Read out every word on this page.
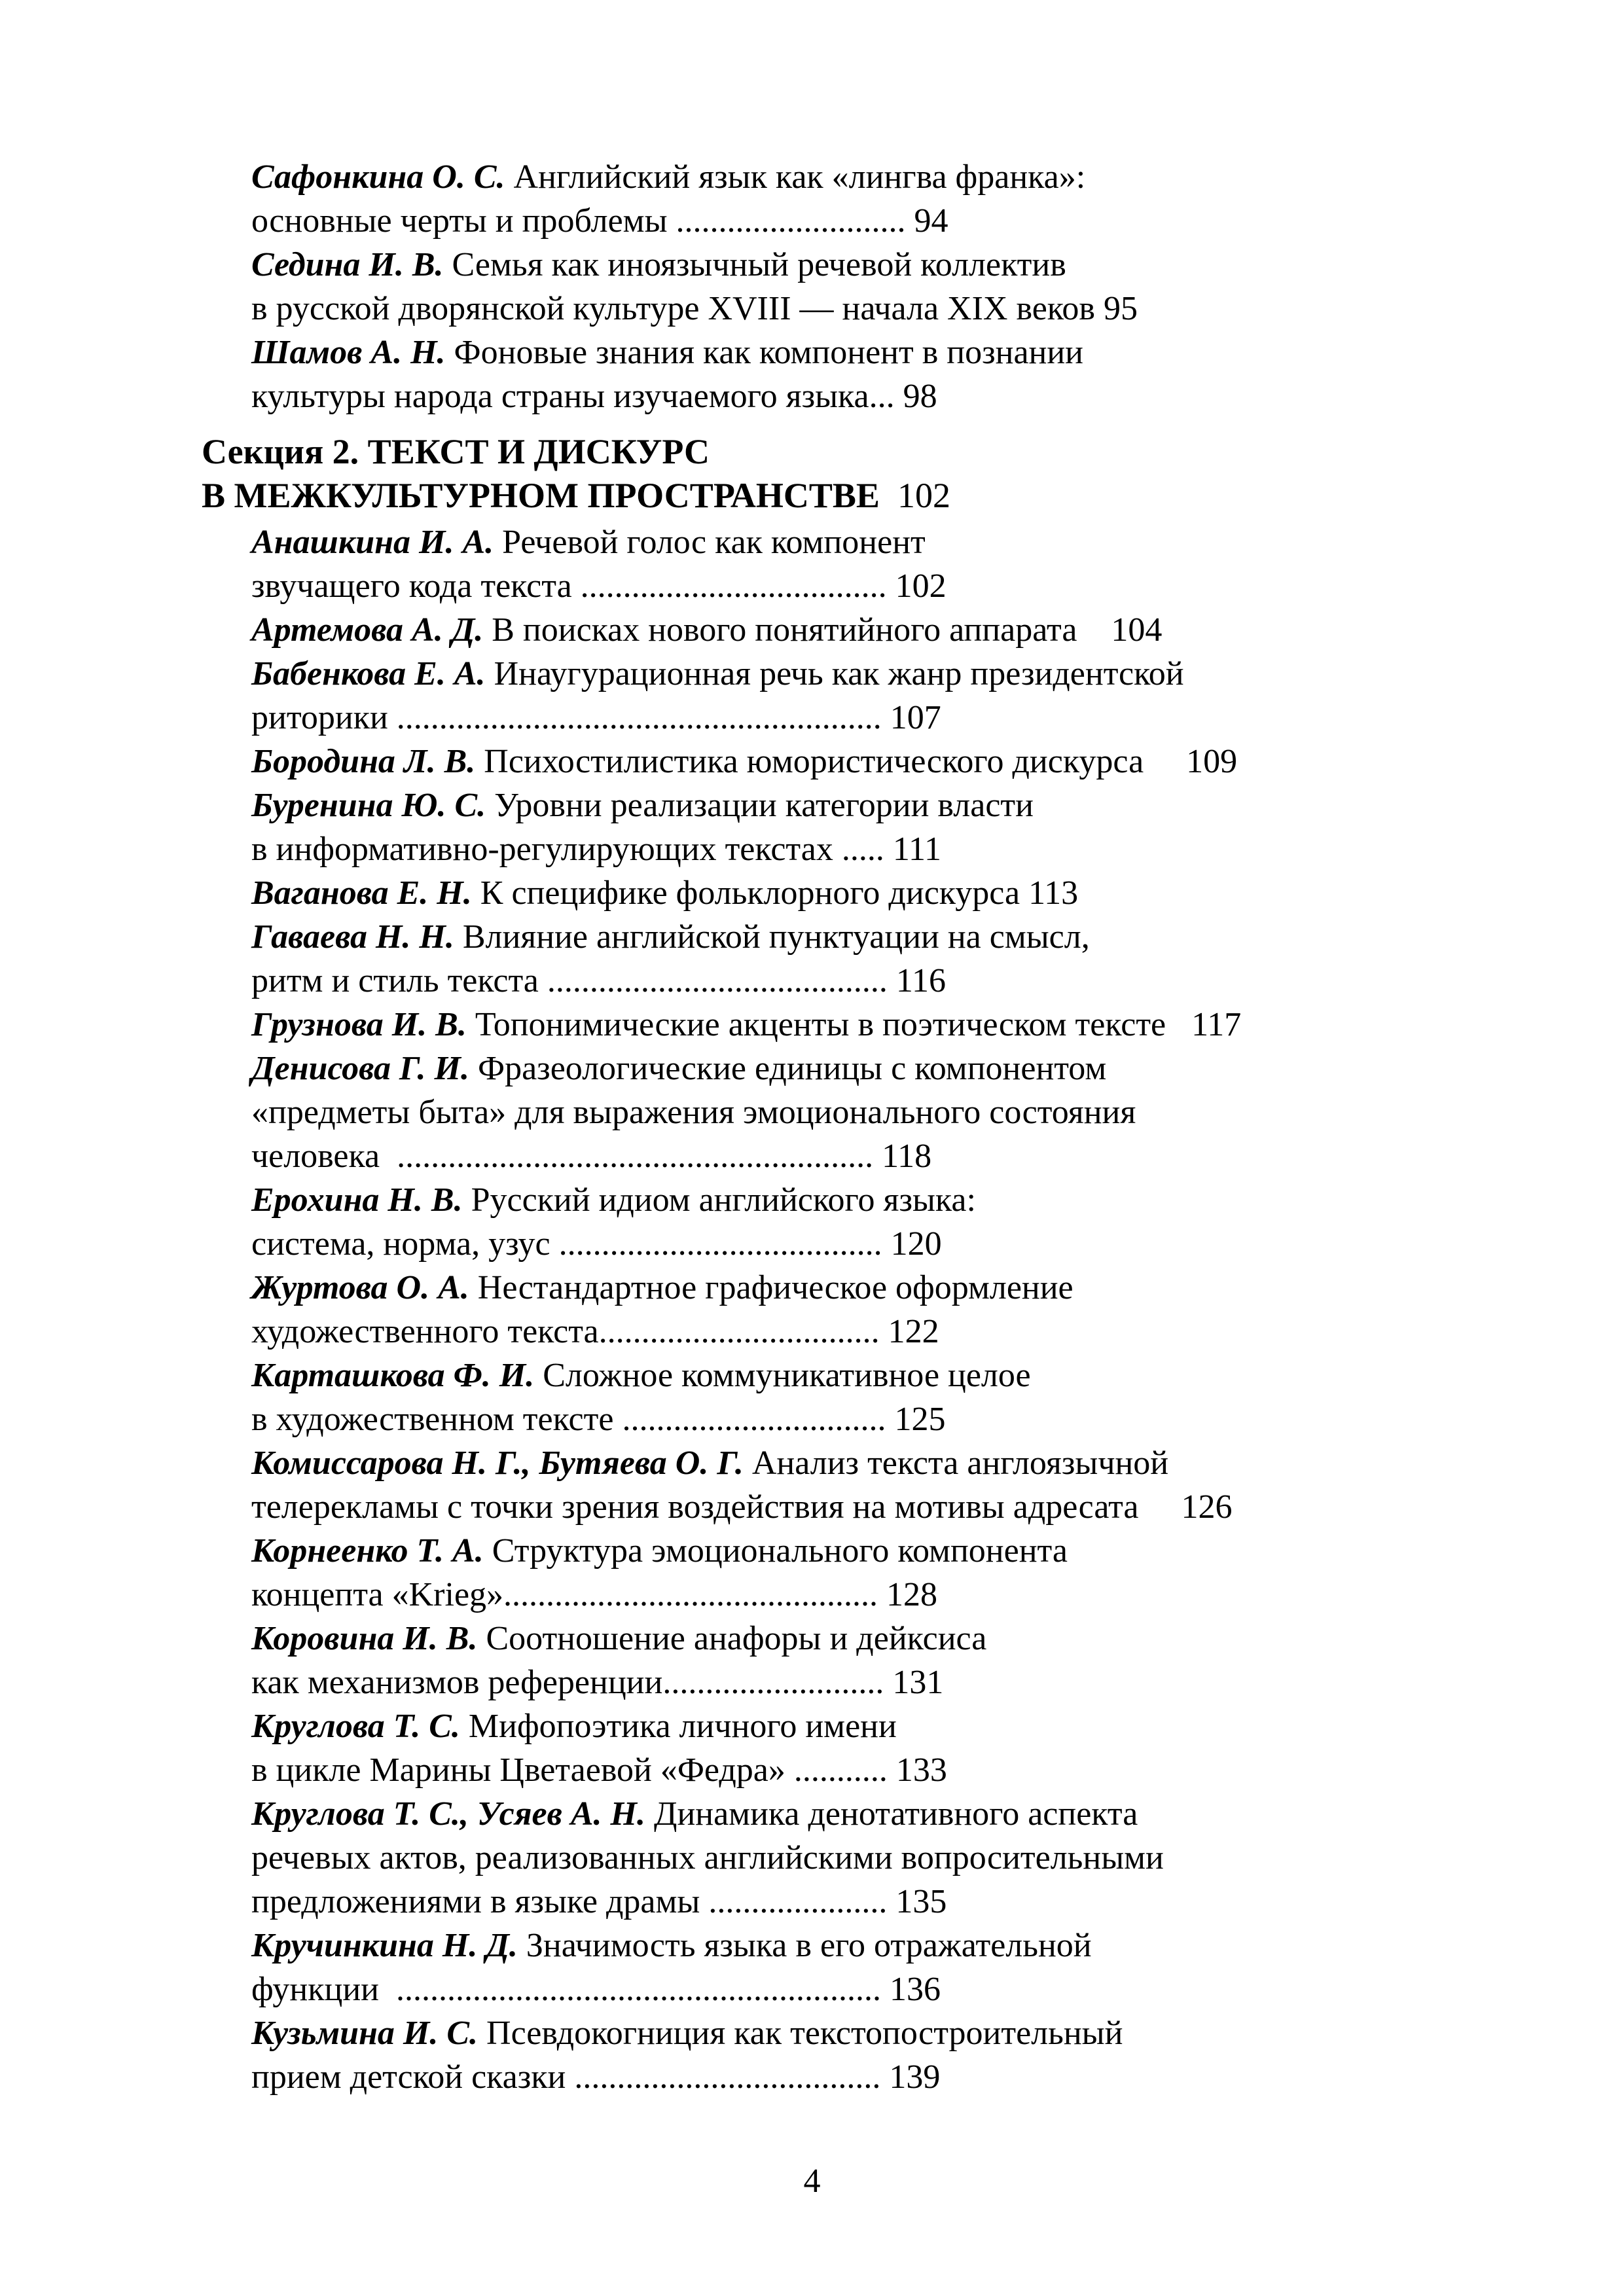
Сафонкина О. С. Английский язык как «лингва франка»:
основные черты и проблемы ........................... 94
Седина И. В. Семья как иноязычный речевой коллектив
в русской дворянской культуре XVIII — начала XIX веков 95
Шамов А. Н. Фоновые знания как компонент в познании
культуры народа страны изучаемого языка... 98
Секция 2. ТЕКСТ И ДИСКУРС
В МЕЖКУЛЬТУРНОМ ПРОСТРАНСТВЕ  102
Анашкина И. А. Речевой голос как компонент
звучащего кода текста .................................... 102
Артемова А. Д. В поисках нового понятийного аппарата    104
Бабенкова Е. А. Инаугурационная речь как жанр президентской
риторики ......................................................... 107
Бородина Л. В. Психостилистика юмористического дискурса     109
Буренина Ю. С. Уровни реализации категории власти
в информативно-регулирующих текстах ..... 111
Ваганова Е. Н. К специфике фольклорного дискурса 113
Гаваева Н. Н. Влияние английской пунктуации на смысл,
ритм и стиль текста ........................................ 116
Грузнова И. В. Топонимические акценты в поэтическом тексте   117
Денисова Г. И. Фразеологические единицы с компонентом
«предметы быта» для выражения эмоционального состояния
человека  ........................................................ 118
Ерохина Н. В. Русский идиом английского языка:
система, норма, узус ...................................... 120
Журтова О. А. Нестандартное графическое оформление
художественного текста................................. 122
Карташкова Ф. И. Сложное коммуникативное целое
в художественном тексте ............................... 125
Комиссарова Н. Г., Бутяева О. Г. Анализ текста англоязычной
телерекламы с точки зрения воздействия на мотивы адресата     126
Корнеенко Т. А. Структура эмоционального компонента
концепта «Krieg»............................................ 128
Коровина И. В. Соотношение анафоры и дейксиса
как механизмов референции.......................... 131
Круглова Т. С. Мифопоэтика личного имени
в цикле Марины Цветаевой «Федра» ........... 133
Круглова Т. С., Усяев А. Н. Динамика денотативного аспекта
речевых актов, реализованных английскими вопросительными
предложениями в языке драмы ..................... 135
Кручинкина Н. Д. Значимость языка в его отражательной
функции  ......................................................... 136
Кузьмина И. С. Псевдокогниция как текстопостроительный
прием детской сказки .................................... 139
4
